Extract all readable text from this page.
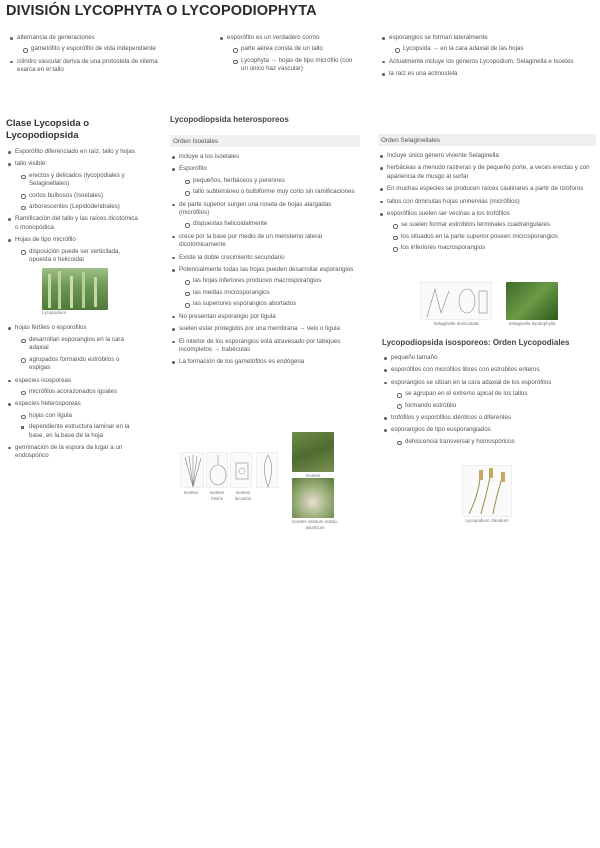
DIVISIÓN LYCOPHYTA O LYCOPODIOPHYTA
alternancia de generaciones
gametófito y esporófito de vida independiente
cilindro vascular deriva de una protostela de xilema exarca en el tallo
esporófito es un verdadero cormo
parte aérea consta de un tallo
Lycophyta → hojas de tipo micrófilo (con un único haz vascular)
esporangios se forman lateralmente
Lycopsida → en la cara adaxial de las hojas
Actualmente incluye los géneros Lycopodium, Selaginella e Isoetes
la raíz es una actinostela
Clase Lycopsida o Lycopodiopsida
Esporófito diferenciado en raíz, tallo y hojas
tallo visible:
erectos y delicados (lycopodiales y Selaginellales)
cortos bulbosos (Isoetales)
arborescentes (Lepidodendrales)
Ramificación del tallo y las raíces dicotómica o monopódica
Hojas de tipo micrófilo
disposición puede ser verticilada, opuesta o helicoidal
Lycopodium
hojas fértiles o esporofilos
desarrollan esporangios en la cara adaxial
agrupados formando estróbilos o espigas
especies isosporeas
micrófilos acorazonados iguales
especies heterosporeas
hojas con lígula
dependiente estructura laminar en la base, en la base de la hoja
germinación de la espora da lugar a un endospórico
Lycopodiopsida heterosporeos
Orden Isoetales
incluye a los isoetales
Esporófito
pequeños, herbáceos y perennes
tallo subterráneo o bulbiforme muy corto sin ramificaciones
de parte superior surgen una roseta de hojas alargadas (micrófilos)
dispuestas helicoidalmente
crece por la base por medio de un meristemo lateral dicotómicamente
Existe la doble crecimiento secundario
Potencialmente todas las hojas pueden desarrollar esporangios
las hojas inferiores producen macrosporangios
las medias microsporangios
las superiores esporangios abortados
No presentan esporangio por lígula
suelen estar protegidos por una membrana → velo o lígula
El interior de los esporangios está atravesado por tabiques incompletos → trabéculas
La formación de los gametófitos es endógena
Isoetes	Isoetes histrix
Isoetes lacustris
Isoetes
Isoetes velatum subsp. asiaticum
Orden Selaginellales
Incluye único género viviente Selaginella
herbáceas a menudo rastreras y de pequeño porte, a veces erectas y con apariencia de musgo al surfar
En muchas especies se producen raíces caulinares a partir de rizóforos
tallos con diminutas hojas uninervias (micrófilos)
esporófilos suelen ser vecinas a los trofófilos
se suelen formar estróbilos terminales cuadrangulares
los situados en la parte superior poseen microsporangios
los inferiores macrosporangios
Selaginella denticulata	Selaginella lepidophylla
Lycopodiopsida isosporeos: Orden Lycopodiales
pequeño tamaño
esporófitos con micrófilos libres con estrobilos enteros
esporangios se sitúan en la cara adaxial de los esporófilos
se agrupan en el extremo apical de los tallos
formando estróbilo
trofófilos y esporófilos idénticos o diferentes
esporangios de tipo eusporangiados
dehiscencia transversal y homospóricos
Lycopodium clavatum
